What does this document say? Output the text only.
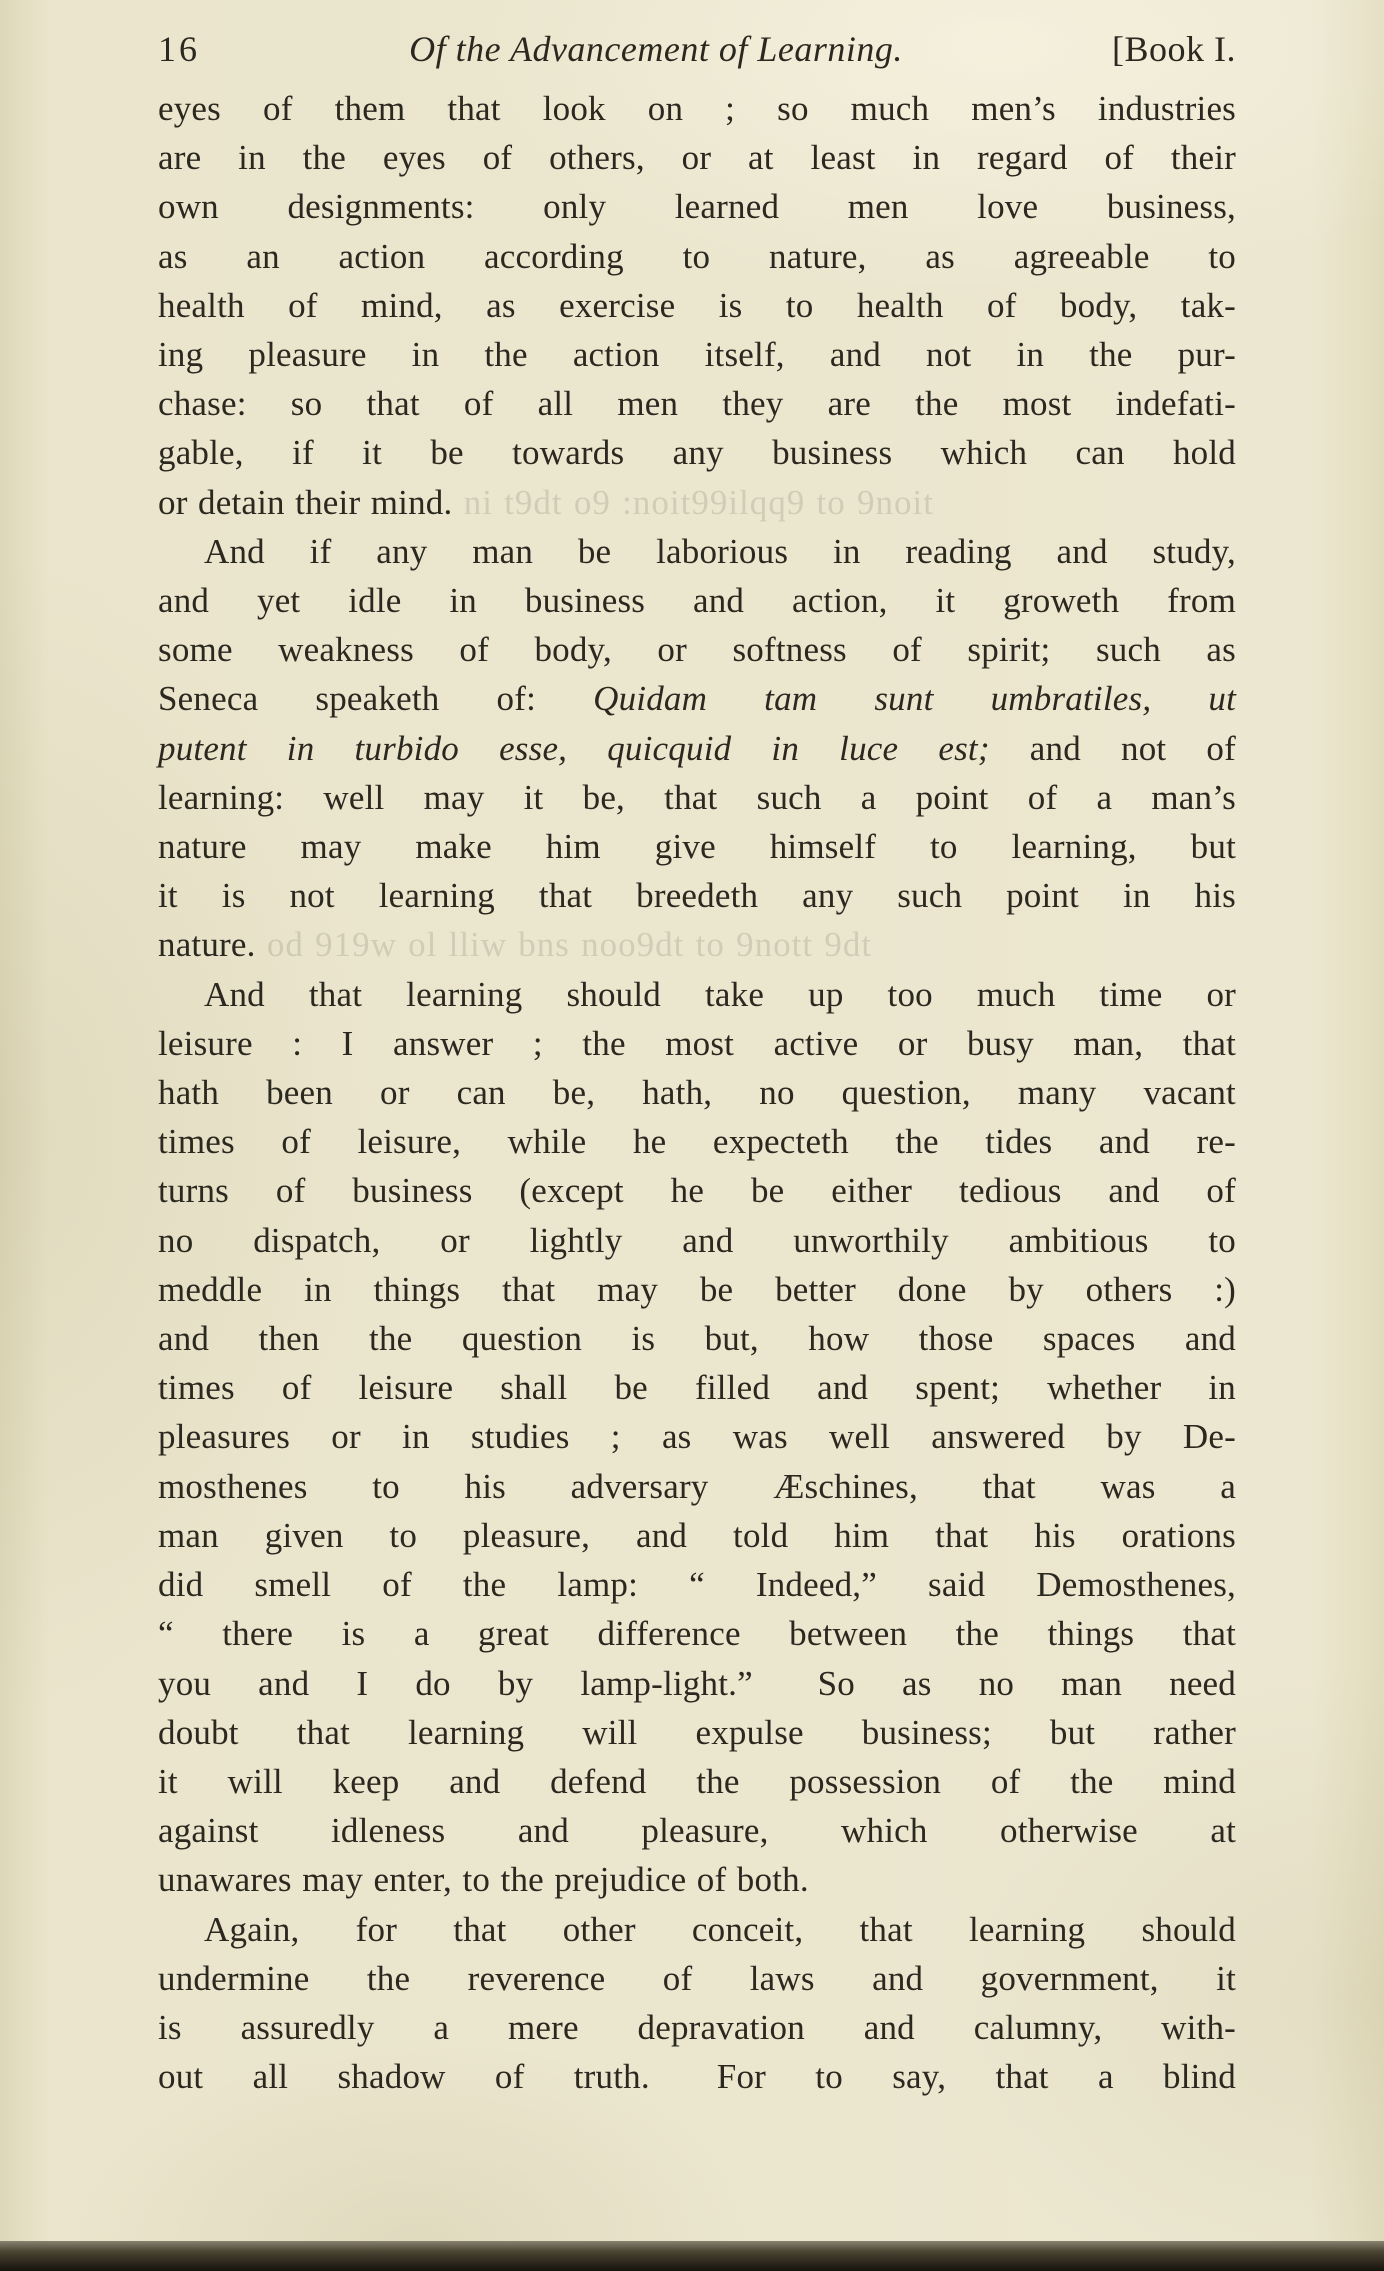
16	Of the Advancement of Learning.	[Book I.
eyes of them that look on ; so much men’s industries
are in the eyes of others, or at least in regard of their
own designments: only learned men love business,
as an action according to nature, as agreeable to
health of mind, as exercise is to health of body, tak-
ing pleasure in the action itself, and not in the pur-
chase: so that of all men they are the most indefati-
gable, if it be towards any business which can hold
or detain their mind. ni t9dt o9 :noit99ilqq9 to 9noit
And if any man be laborious in reading and study,
and yet idle in business and action, it groweth from
some weakness of body, or softness of spirit; such as
Seneca speaketh of: Quidam tam sunt umbratiles, ut
putent in turbido esse, quicquid in luce est; and not of
learning: well may it be, that such a point of a man’s
nature may make him give himself to learning, but
it is not learning that breedeth any such point in his
nature. od 919w ol lliw bns noo9dt to 9nott 9dt
And that learning should take up too much time or
leisure : I answer ; the most active or busy man, that
hath been or can be, hath, no question, many vacant
times of leisure, while he expecteth the tides and re-
turns of business (except he be either tedious and of
no dispatch, or lightly and unworthily ambitious to
meddle in things that may be better done by others :)
and then the question is but, how those spaces and
times of leisure shall be filled and spent; whether in
pleasures or in studies ; as was well answered by De-
mosthenes to his adversary Æschines, that was a
man given to pleasure, and told him that his orations
did smell of the lamp: “ Indeed,” said Demosthenes,
“ there is a great difference between the things that
you and I do by lamp-light.”  So as no man need
doubt that learning will expulse business; but rather
it will keep and defend the possession of the mind
against idleness and pleasure, which otherwise at
unawares may enter, to the prejudice of both.
Again, for that other conceit, that learning should
undermine the reverence of laws and government, it
is assuredly a mere depravation and calumny, with-
out all shadow of truth.  For to say, that a blind
